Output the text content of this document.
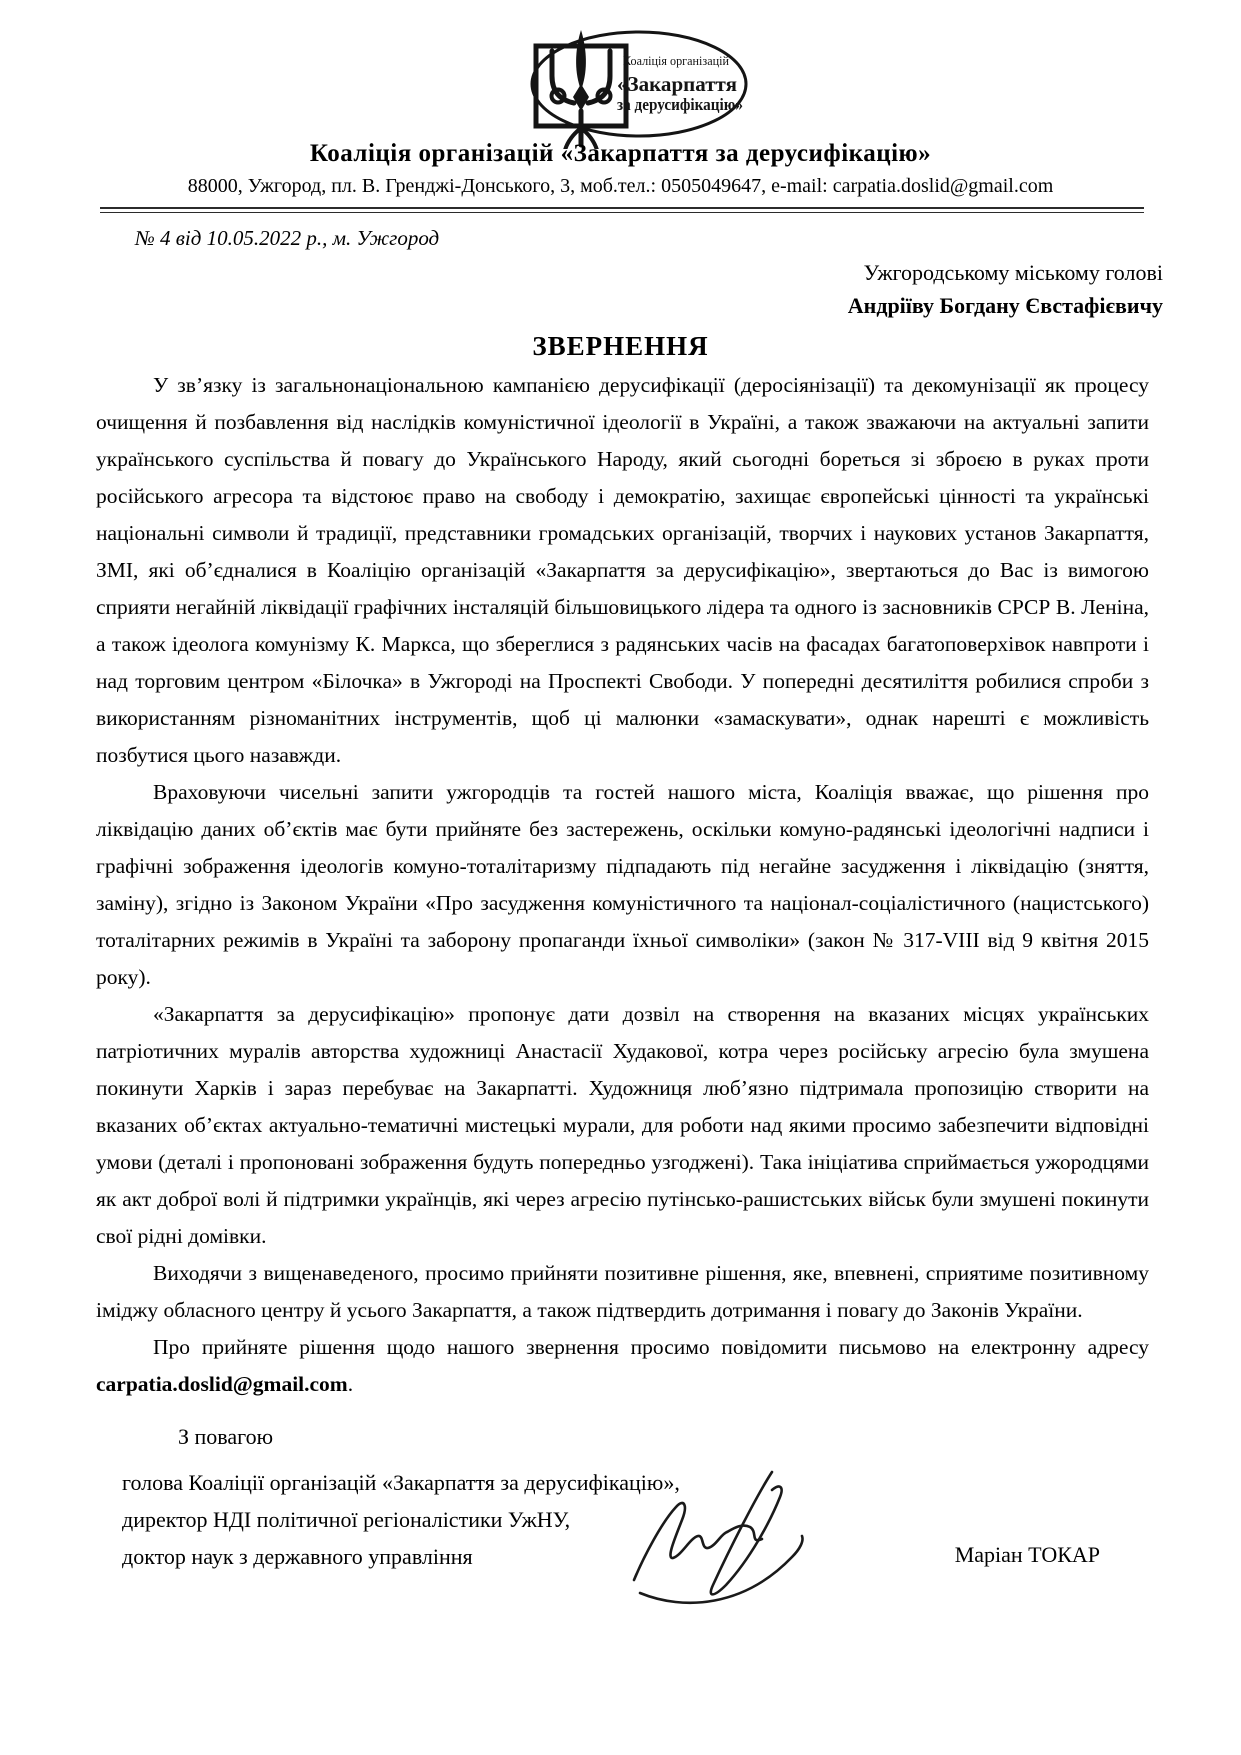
Коаліція організацій
«Закарпаття
за дерусифікацію»
Коаліція організацій «Закарпаття за дерусифікацію»
88000, Ужгород, пл. В. Гренджі-Донського, 3, моб.тел.: 0505049647, e-mail: carpatia.doslid@gmail.com
№ 4 від 10.05.2022 р., м. Ужгород
Ужгородському міському голові
Андріїву Богдану Євстафієвичу
ЗВЕРНЕННЯ

У зв’язку із загальнонаціональною кампанією дерусифікації (деросіянізації) та декомунізації як процесу очищення й позбавлення від наслідків комуністичної ідеології в Україні, а також зважаючи на актуальні запити українського суспільства й повагу до Українського Народу, який сьогодні бореться зі зброєю в руках проти російського агресора та відстоює право на свободу і демократію, захищає європейські цінності та українські національні символи й традиції, представники громадських організацій, творчих і наукових установ Закарпаття, ЗМІ, які об’єдналися в Коаліцію організацій «Закарпаття за дерусифікацію», звертаються до Вас із вимогою сприяти негайній ліквідації графічних інсталяцій більшовицького лідера та одного із засновників СРСР В. Леніна, а також ідеолога комунізму К. Маркса, що збереглися з радянських часів на фасадах багатоповерхівок навпроти і над торговим центром «Білочка» в Ужгороді на Проспекті Свободи. У попередні десятиліття робилися спроби з використанням різноманітних інструментів, щоб ці малюнки «замаскувати», однак нарешті є можливість позбутися цього назавжди.

Враховуючи чисельні запити ужгородців та гостей нашого міста, Коаліція вважає, що рішення про ліквідацію даних об’єктів має бути прийняте без застережень, оскільки комуно-радянські ідеологічні надписи і графічні зображення ідеологів комуно-тоталітаризму підпадають під негайне засудження і ліквідацію (зняття, заміну), згідно із Законом України «Про засудження комуністичного та націонал-соціалістичного (нацистського) тоталітарних режимів в Україні та заборону пропаганди їхньої символіки» (закон № 317-VIII від 9 квітня 2015 року).

«Закарпаття за дерусифікацію» пропонує дати дозвіл на створення на вказаних місцях українських патріотичних муралів авторства художниці Анастасії Худакової, котра через російську агресію була змушена покинути Харків і зараз перебуває на Закарпатті. Художниця люб’язно підтримала пропозицію створити на вказаних об’єктах актуально-тематичні мистецькі мурали, для роботи над якими просимо забезпечити відповідні умови (деталі і пропоновані зображення будуть попередньо узгоджені). Така ініціатива сприймається ужородцями як акт доброї волі й підтримки українців, які через агресію путінсько-рашистських військ були змушені покинути свої рідні домівки.

Виходячи з вищенаведеного, просимо прийняти позитивне рішення, яке, впевнені, сприятиме позитивному іміджу обласного центру й усього Закарпаття, а також підтвердить дотримання і повагу до Законів України.

Про прийняте рішення щодо нашого звернення просимо повідомити письмово на електронну адресу carpatia.doslid@gmail.com.

З повагою
голова Коаліції організацій «Закарпаття за дерусифікацію»,
директор НДІ політичної регіоналістики УжНУ,
доктор наук з державного управління	Маріан ТОКАР
